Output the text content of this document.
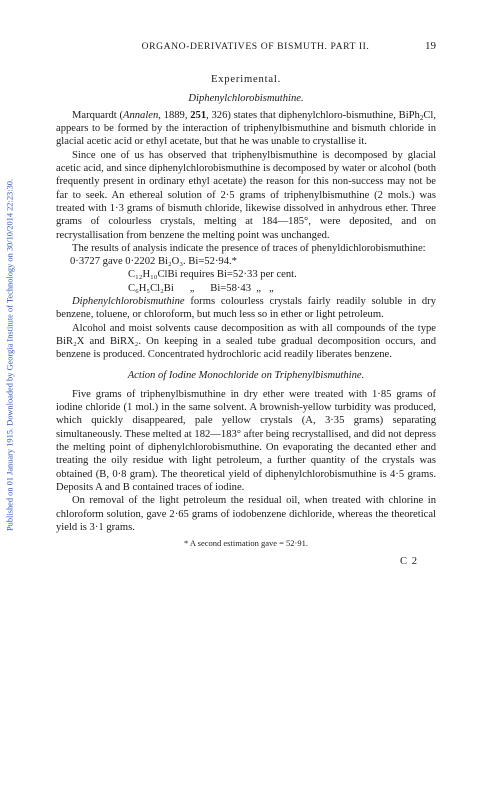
Published on 01 January 1915. Downloaded by Georgia Institute of Technology on 30/10/2014 22:23:30.
ORGANO-DERIVATIVES OF BISMUTH. PART II.	19
Experimental.
Diphenylchlorobismuthine.

Marquardt (Annalen, 1889, 251, 326) states that diphenylchloro-bismuthine, BiPh$_2$Cl, appears to be formed by the interaction of triphenylbismuthine and bismuth chloride in glacial acetic acid or ethyl acetate, but that he was unable to crystallise it.

Since one of us has observed that triphenylbismuthine is decomposed by glacial acetic acid, and since diphenylchlorobismuthine is decomposed by water or alcohol (both frequently present in ordinary ethyl acetate) the reason for this non-success may not be far to seek. An ethereal solution of 2·5 grams of triphenylbismuthine (2 mols.) was treated with 1·3 grams of bismuth chloride, likewise dissolved in anhydrous ether. Three grams of colourless crystals, melting at 184—185°, were deposited, and on recrystallisation from benzene the melting point was unchanged.

The results of analysis indicate the presence of traces of phenyldichlorobismuthine:

0·3727 gave 0·2202 Bi₂O₃. Bi=52·94.*

C₁₂H₁₀ClBi requires Bi=52·33 per cent.

C₆H₅Cl₂Bi      „      Bi=58·43  „   „

Diphenylchlorobismuthine forms colourless crystals fairly readily soluble in dry benzene, toluene, or chloroform, but much less so in ether or light petroleum.

Alcohol and moist solvents cause decomposition as with all compounds of the type BiR₂X and BiRX₂. On keeping in a sealed tube gradual decomposition occurs, and benzene is produced. Concentrated hydrochloric acid readily liberates benzene.

Action of Iodine Monochloride on Triphenylbismuthine.

Five grams of triphenylbismuthine in dry ether were treated with 1·85 grams of iodine chloride (1 mol.) in the same solvent. A brownish-yellow turbidity was produced, which quickly disappeared, pale yellow crystals (A, 3·35 grams) separating simultaneously. These melted at 182—183° after being recrystallised, and did not depress the melting point of diphenylchlorobismuthine. On evaporating the decanted ether and treating the oily residue with light petroleum, a further quantity of the crystals was obtained (B, 0·8 gram). The theoretical yield of diphenylchlorobismuthine is 4·5 grams. Deposits A and B contained traces of iodine.

On removal of the light petroleum the residual oil, when treated with chlorine in chloroform solution, gave 2·65 grams of iodobenzene dichloride, whereas the theoretical yield is 3·1 grams.

* A second estimation gave = 52·91.
C 2
